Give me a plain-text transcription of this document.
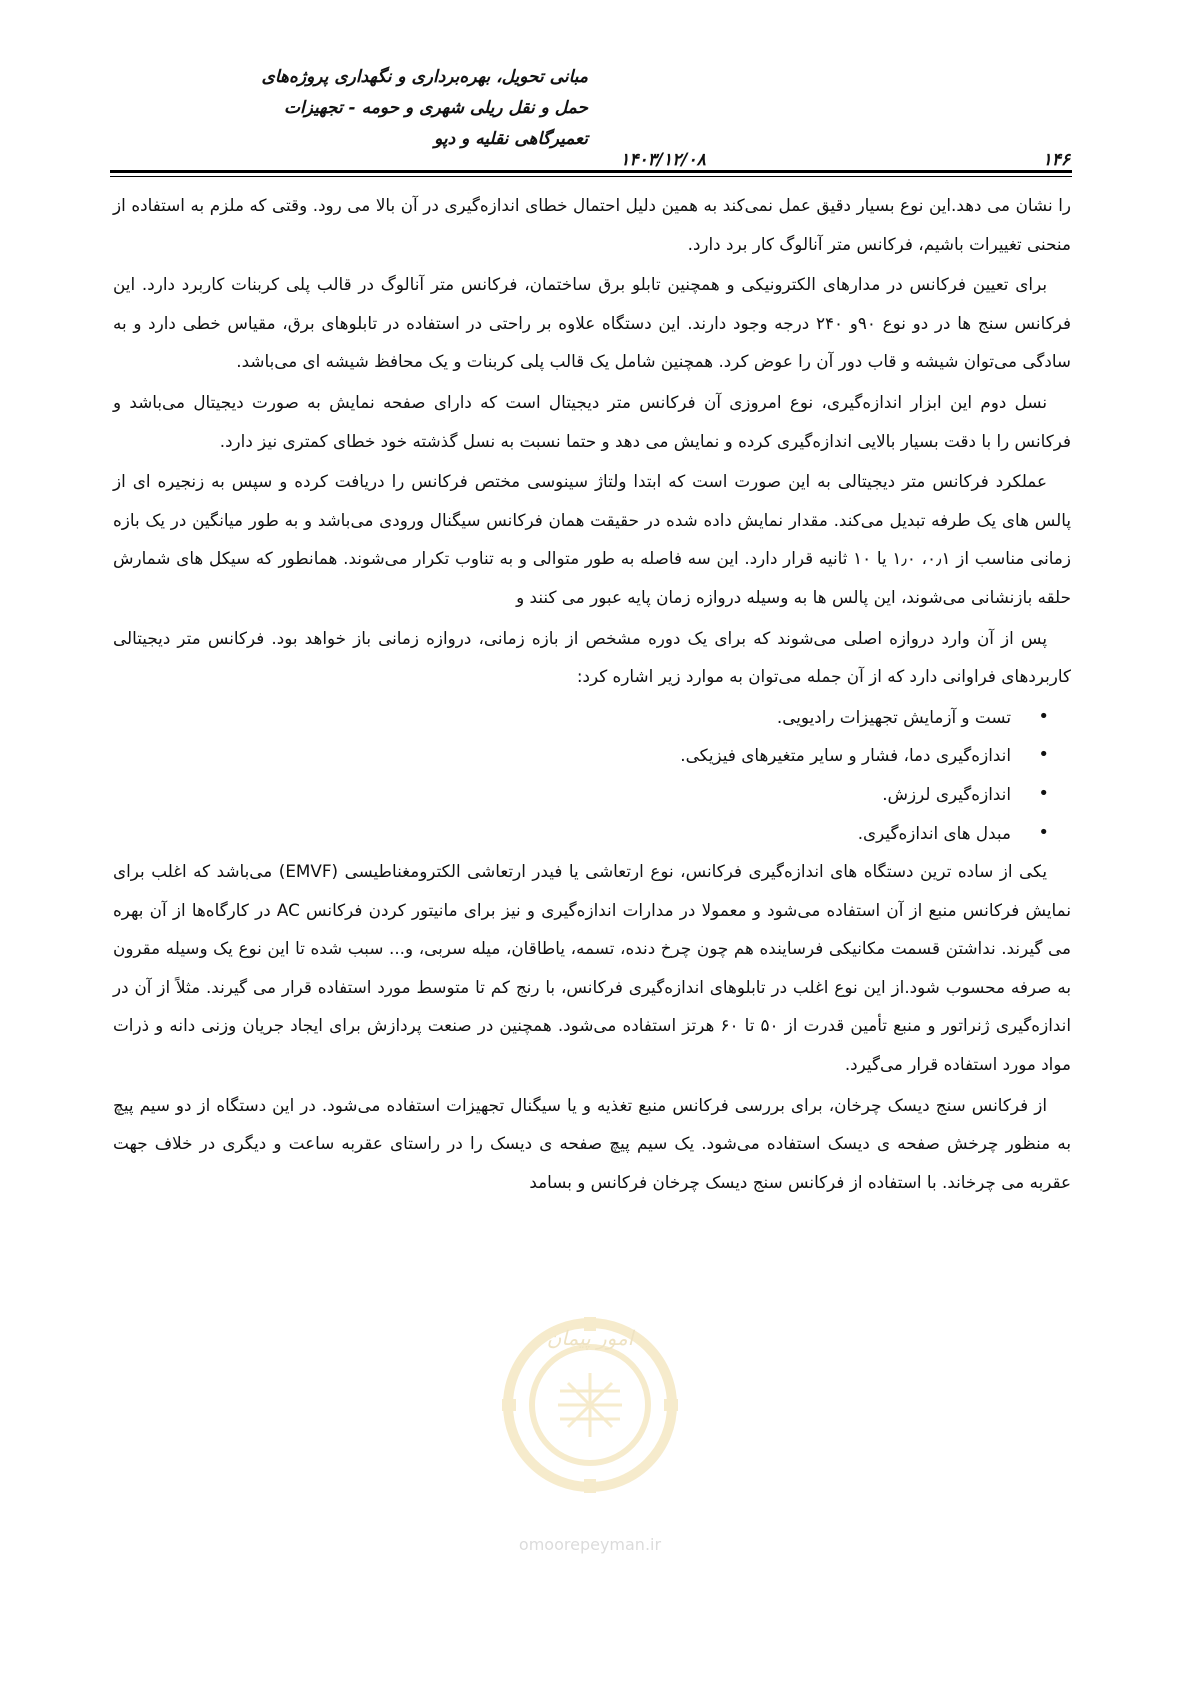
مبانی تحویل، بهره‌برداری و نگهداری پروژه‌های
حمل و نقل ریلی شهری و حومه - تجهیزات
تعمیرگاهی نقلیه و دپو
۱۴۰۳/۱۲/۰۸	۱۴۶

را نشان می دهد.این نوع بسیار دقیق عمل نمی‌کند به همین دلیل احتمال خطای اندازه‌گیری در آن بالا می رود. وقتی که ملزم به استفاده از منحنی تغییرات باشیم، فرکانس متر آنالوگ کار برد دارد.

برای تعیین فرکانس در مدارهای الکترونیکی و همچنین تابلو برق ساختمان، فرکانس متر آنالوگ در قالب پلی کربنات کاربرد دارد. این فرکانس سنج ها در دو نوع ۹۰و ۲۴۰ درجه وجود دارند. این دستگاه علاوه بر راحتی در استفاده در تابلوهای برق، مقیاس خطی دارد و به سادگی می‌توان شیشه و قاب دور آن را عوض کرد. همچنین شامل یک قالب پلی کربنات و یک محافظ شیشه ای می‌باشد.

نسل دوم این ابزار اندازه‌گیری، نوع امروزی آن فرکانس متر دیجیتال است که دارای صفحه نمایش به صورت دیجیتال می‌باشد و فرکانس را با دقت بسیار بالایی اندازه‌گیری کرده و نمایش می دهد و حتما نسبت به نسل گذشته خود خطای کمتری نیز دارد.

عملکرد فرکانس متر دیجیتالی به این صورت است که ابتدا ولتاژ سینوسی مختص فرکانس را دریافت کرده و سپس به زنجیره ای از پالس های یک طرفه تبدیل می‌کند. مقدار نمایش داده شده در حقیقت همان فرکانس سیگنال ورودی می‌باشد و به طور میانگین در یک بازه زمانی مناسب از ۰٫۱، ۱٫۰ یا ۱۰ ثانیه قرار دارد. این سه فاصله به طور متوالی و به تناوب تکرار می‌شوند. همانطور که سیکل های شمارش حلقه بازنشانی می‌شوند، این پالس ها به وسیله دروازه زمان پایه عبور می کنند و

پس از آن وارد دروازه اصلی می‌شوند که برای یک دوره مشخص از بازه زمانی، دروازه زمانی باز خواهد بود. فرکانس متر دیجیتالی کاربردهای فراوانی دارد که از آن جمله می‌توان به موارد زیر اشاره کرد:

•
تست و آزمایش تجهیزات رادیویی.
•
اندازه‌گیری دما، فشار و سایر متغیرهای فیزیکی.
•
اندازه‌گیری لرزش.
•
مبدل های اندازه‌گیری.

یکی از ساده ترین دستگاه های اندازه‌گیری فرکانس، نوع ارتعاشی یا فیدر ارتعاشی الکترومغناطیسی (EMVF) می‌باشد که اغلب برای نمایش فرکانس منبع از آن استفاده می‌شود و معمولا در مدارات اندازه‌گیری و نیز برای مانیتور کردن فرکانس AC در کارگاه‌ها از آن بهره می گیرند. نداشتن قسمت مکانیکی فرساینده هم چون چرخ دنده، تسمه، یاطاقان، میله سربی، و... سبب شده تا این نوع یک وسیله مقرون به صرفه محسوب شود.از این نوع اغلب در تابلوهای اندازه‌گیری فرکانس، با رنج کم تا متوسط مورد استفاده قرار می گیرند. مثلاً از آن در اندازه‌گیری ژنراتور و منبع تأمین قدرت از ۵۰ تا ۶۰ هرتز استفاده می‌شود. همچنین در صنعت پردازش برای ایجاد جریان وزنی دانه و ذرات مواد مورد استفاده قرار می‌گیرد.

از فرکانس سنج دیسک چرخان، برای بررسی فرکانس منبع تغذیه و یا سیگنال تجهیزات استفاده می‌شود. در این دستگاه از دو سیم پیچ به منظور چرخش صفحه ی دیسک استفاده می‌شود. یک سیم پیچ صفحه ی دیسک را در راستای عقربه ساعت و دیگری در خلاف جهت عقربه می چرخاند. با استفاده از فرکانس سنج دیسک چرخان فرکانس و بسامد

امور پیمان
omoorepeyman.ir
